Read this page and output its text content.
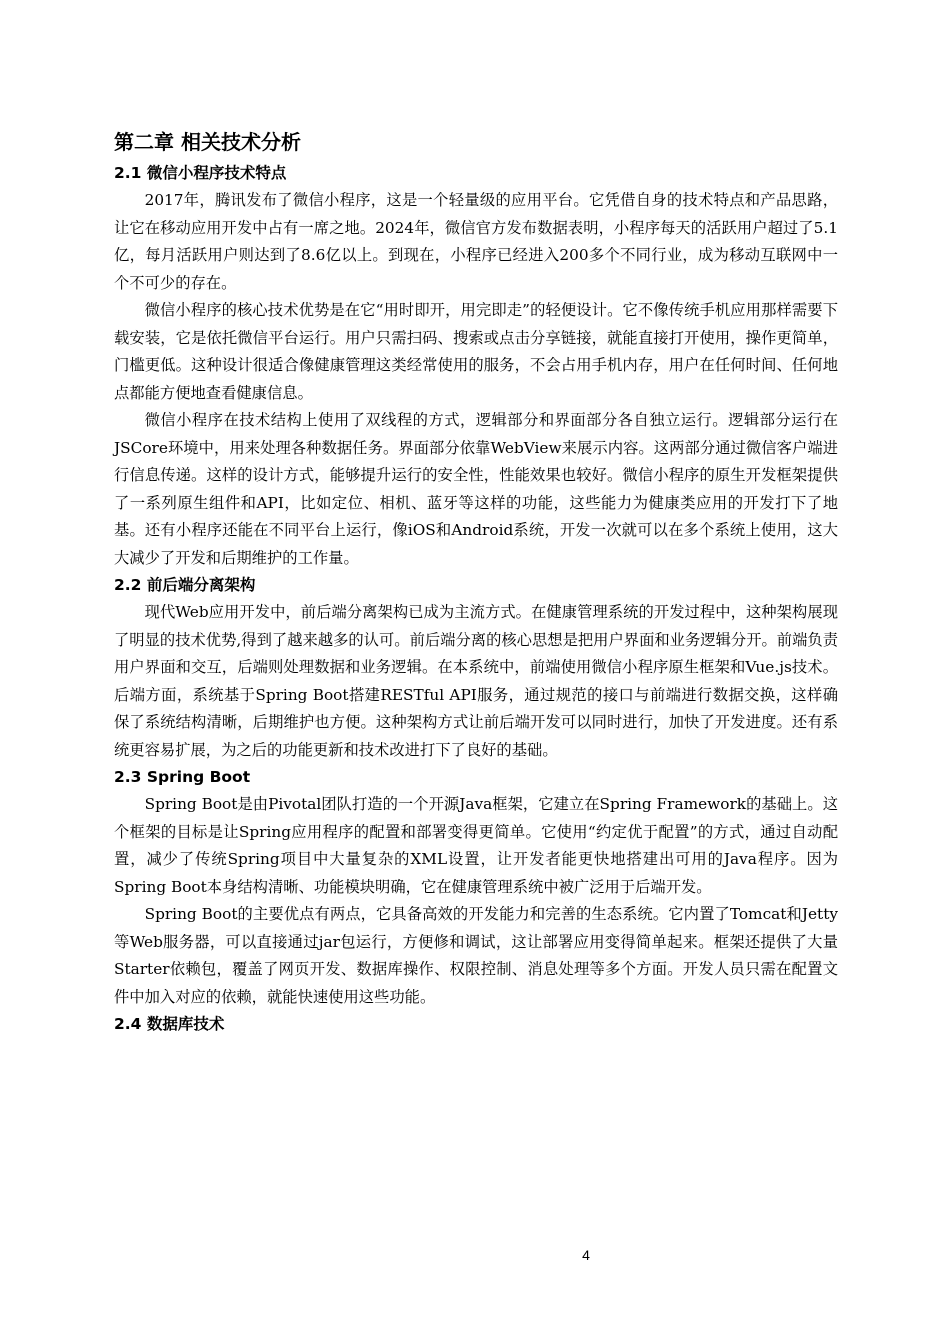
第二章 相关技术分析
2.1 微信小程序技术特点

2017年，腾讯发布了微信小程序，这是一个轻量级的应用平台。它凭借自身的技术特点和产品思路，让它在移动应用开发中占有一席之地。2024年，微信官方发布数据表明，小程序每天的活跃用户超过了5.1亿，每月活跃用户则达到了8.6亿以上。到现在，小程序已经进入200多个不同行业，成为移动互联网中一个不可少的存在。

微信小程序的核心技术优势是在它“用时即开，用完即走”的轻便设计。它不像传统手机应用那样需要下载安装，它是依托微信平台运行。用户只需扫码、搜索或点击分享链接，就能直接打开使用，操作更简单，门槛更低。这种设计很适合像健康管理这类经常使用的服务，不会占用手机内存，用户在任何时间、任何地点都能方便地查看健康信息。

微信小程序在技术结构上使用了双线程的方式，逻辑部分和界面部分各自独立运行。逻辑部分运行在JSCore环境中，用来处理各种数据任务。界面部分依靠WebView来展示内容。这两部分通过微信客户端进行信息传递。这样的设计方式，能够提升运行的安全性，性能效果也较好。微信小程序的原生开发框架提供了一系列原生组件和API，比如定位、相机、蓝牙等这样的功能，这些能力为健康类应用的开发打下了地基。还有小程序还能在不同平台上运行，像iOS和Android系统，开发一次就可以在多个系统上使用，这大大减少了开发和后期维护的工作量。

2.2 前后端分离架构

现代Web应用开发中，前后端分离架构已成为主流方式。在健康管理系统的开发过程中，这种架构展现了明显的技术优势,得到了越来越多的认可。前后端分离的核心思想是把用户界面和业务逻辑分开。前端负责用户界面和交互，后端则处理数据和业务逻辑。在本系统中，前端使用微信小程序原生框架和Vue.js技术。后端方面，系统基于Spring Boot搭建RESTful API服务，通过规范的接口与前端进行数据交换，这样确保了系统结构清晰，后期维护也方便。这种架构方式让前后端开发可以同时进行，加快了开发进度。还有系统更容易扩展，为之后的功能更新和技术改进打下了良好的基础。

2.3 Spring Boot

Spring Boot是由Pivotal团队打造的一个开源Java框架，它建立在Spring Framework的基础上。这个框架的目标是让Spring应用程序的配置和部署变得更简单。它使用“约定优于配置”的方式，通过自动配置，减少了传统Spring项目中大量复杂的XML设置，让开发者能更快地搭建出可用的Java程序。因为Spring Boot本身结构清晰、功能模块明确，它在健康管理系统中被广泛用于后端开发。

Spring Boot的主要优点有两点，它具备高效的开发能力和完善的生态系统。它内置了Tomcat和Jetty等Web服务器，可以直接通过jar包运行，方便修和调试，这让部署应用变得简单起来。框架还提供了大量Starter依赖包，覆盖了网页开发、数据库操作、权限控制、消息处理等多个方面。开发人员只需在配置文件中加入对应的依赖，就能快速使用这些功能。

2.4 数据库技术
4
